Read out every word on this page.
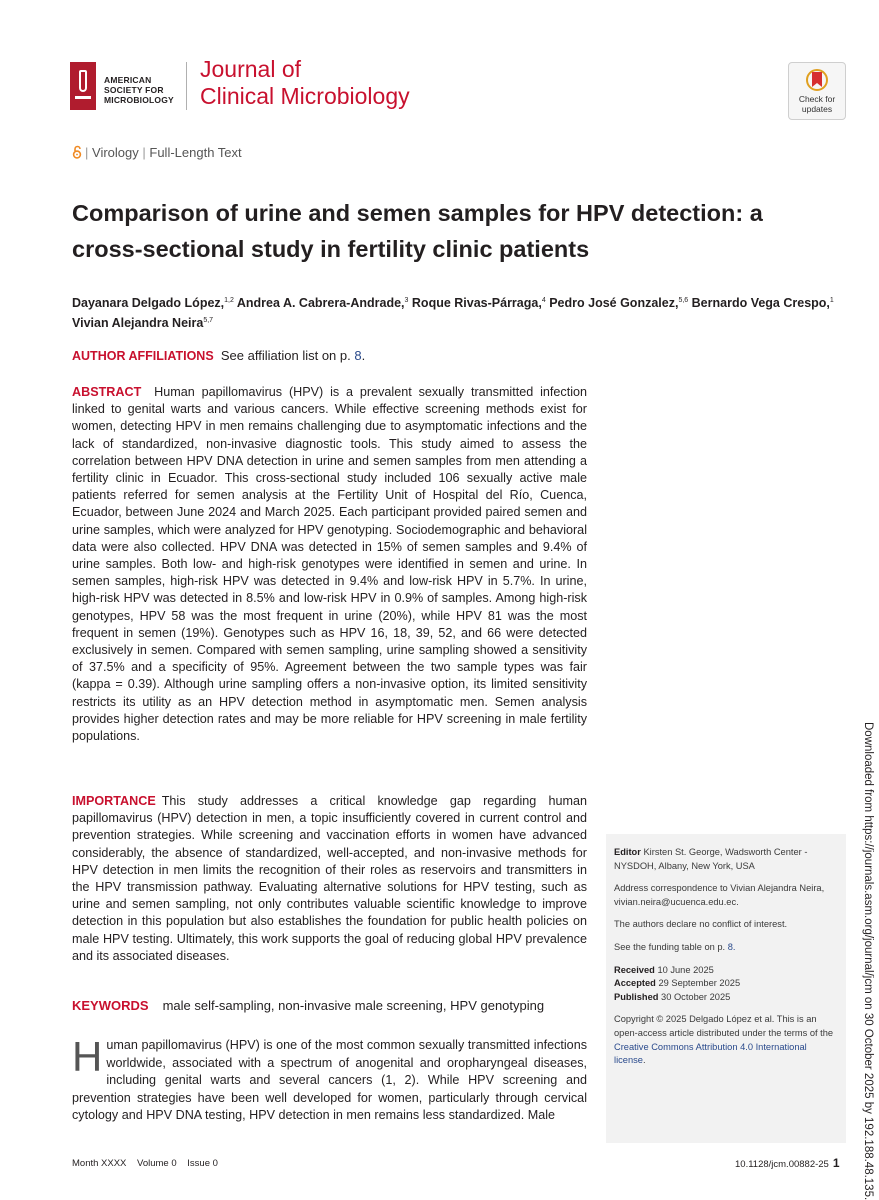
AMERICAN SOCIETY FOR MICROBIOLOGY
Journal of
Clinical Microbiology	Check for updates
| Virology | Full-Length Text
Comparison of urine and semen samples for HPV detection: a cross-sectional study in fertility clinic patients
Dayanara Delgado López,$^{1,2}$ Andrea A. Cabrera-Andrade,$^3$ Roque Rivas-Párraga,$^4$ Pedro José Gonzalez,$^{5,6}$ Bernardo Vega Crespo,$^1$
Vivian Alejandra Neira$^{5,7}$
AUTHOR AFFILIATIONS See affiliation list on p. 8.
ABSTRACT Human papillomavirus (HPV) is a prevalent sexually transmitted infection linked to genital warts and various cancers. While effective screening methods exist for women, detecting HPV in men remains challenging due to asymptomatic infections and the lack of standardized, non-invasive diagnostic tools. This study aimed to assess the correlation between HPV DNA detection in urine and semen samples from men attending a fertility clinic in Ecuador. This cross-sectional study included 106 sexually active male patients referred for semen analysis at the Fertility Unit of Hospital del Río, Cuenca, Ecuador, between June 2024 and March 2025. Each participant provided paired semen and urine samples, which were analyzed for HPV genotyping. Sociodemographic and behavioral data were also collected. HPV DNA was detected in 15% of semen samples and 9.4% of urine samples. Both low- and high-risk genotypes were identified in semen and urine. In semen samples, high-risk HPV was detected in 9.4% and low-risk HPV in 5.7%. In urine, high-risk HPV was detected in 8.5% and low-risk HPV in 0.9% of samples. Among high-risk genotypes, HPV 58 was the most frequent in urine (20%), while HPV 81 was the most frequent in semen (19%). Genotypes such as HPV 16, 18, 39, 52, and 66 were detected exclusively in semen. Compared with semen sampling, urine sampling showed a sensitivity of 37.5% and a specificity of 95%. Agreement between the two sample types was fair (kappa = 0.39). Although urine sampling offers a non-invasive option, its limited sensitivity restricts its utility as an HPV detection method in asymptomatic men. Semen analysis provides higher detection rates and may be more reliable for HPV screening in male fertility populations.
IMPORTANCE This study addresses a critical knowledge gap regarding human papillomavirus (HPV) detection in men, a topic insufficiently covered in current control and prevention strategies. While screening and vaccination efforts in women have advanced considerably, the absence of standardized, well-accepted, and non-invasive methods for HPV detection in men limits the recognition of their roles as reservoirs and transmitters in the HPV transmission pathway. Evaluating alternative solutions for HPV testing, such as urine and semen sampling, not only contributes valuable scientific knowledge to improve detection in this population but also establishes the foundation for public health policies on male HPV testing. Ultimately, this work supports the goal of reducing global HPV prevalence and its associated diseases.
KEYWORDS male self-sampling, non-invasive male screening, HPV genotyping
Human papillomavirus (HPV) is one of the most common sexually transmitted infections worldwide, associated with a spectrum of anogenital and oropharyngeal diseases, including genital warts and several cancers (1, 2). While HPV screening and prevention strategies have been well developed for women, particularly through cervical cytology and HPV DNA testing, HPV detection in men remains less standardized. Male

Editor Kirsten St. George, Wadsworth Center - NYSDOH, Albany, New York, USA

Address correspondence to Vivian Alejandra Neira, vivian.neira@ucuenca.edu.ec.

The authors declare no conflict of interest.

See the funding table on p. 8.

Received 10 June 2025
Accepted 29 September 2025
Published 30 October 2025

Copyright © 2025 Delgado López et al. This is an open-access article distributed under the terms of the Creative Commons Attribution 4.0 International license.

Month XXXX Volume 0 Issue 0	10.1128/jcm.00882-25 1	Downloaded from https://journals.asm.org/journal/jcm on 30 October 2025 by 192.188.48.135.
